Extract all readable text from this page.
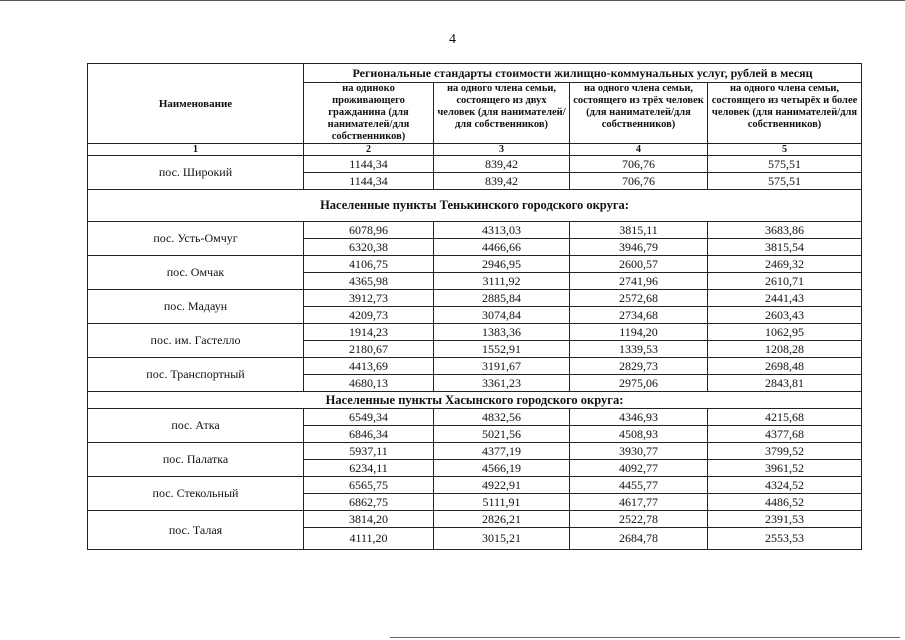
4
Наименование	Региональные стандарты стоимости жилищно-коммунальных услуг, рублей в месяц			
	на одиноко проживающего гражданина (для нанимателей/для собственников)	на одного члена семьи, состоящего из двух человек (для нанимателей/для собственников)	на одного члена семьи, состоящего из трёх человек (для нанимателей/для собственников)	на одного члена семьи, состоящего из четырёх и более человек (для нанимателей/для собственников)
1	2	3	4	5
пос. Широкий	1144,34	839,42	706,76	575,51
	1144,34	839,42	706,76	575,51
Населенные пункты Тенькинского городского округа:				
пос. Усть-Омчуг	6078,96	4313,03	3815,11	3683,86
	6320,38	4466,66	3946,79	3815,54
пос. Омчак	4106,75	2946,95	2600,57	2469,32
	4365,98	3111,92	2741,96	2610,71
пос. Мадаун	3912,73	2885,84	2572,68	2441,43
	4209,73	3074,84	2734,68	2603,43
пос. им. Гастелло	1914,23	1383,36	1194,20	1062,95
	2180,67	1552,91	1339,53	1208,28
пос. Транспортный	4413,69	3191,67	2829,73	2698,48
	4680,13	3361,23	2975,06	2843,81
Населенные пункты Хасынского городского округа:				
пос. Атка	6549,34	4832,56	4346,93	4215,68
	6846,34	5021,56	4508,93	4377,68
пос. Палатка	5937,11	4377,19	3930,77	3799,52
	6234,11	4566,19	4092,77	3961,52
пос. Стекольный	6565,75	4922,91	4455,77	4324,52
	6862,75	5111,91	4617,77	4486,52
пос. Талая	3814,20	2826,21	2522,78	2391,53
	4111,20	3015,21	2684,78	2553,53
